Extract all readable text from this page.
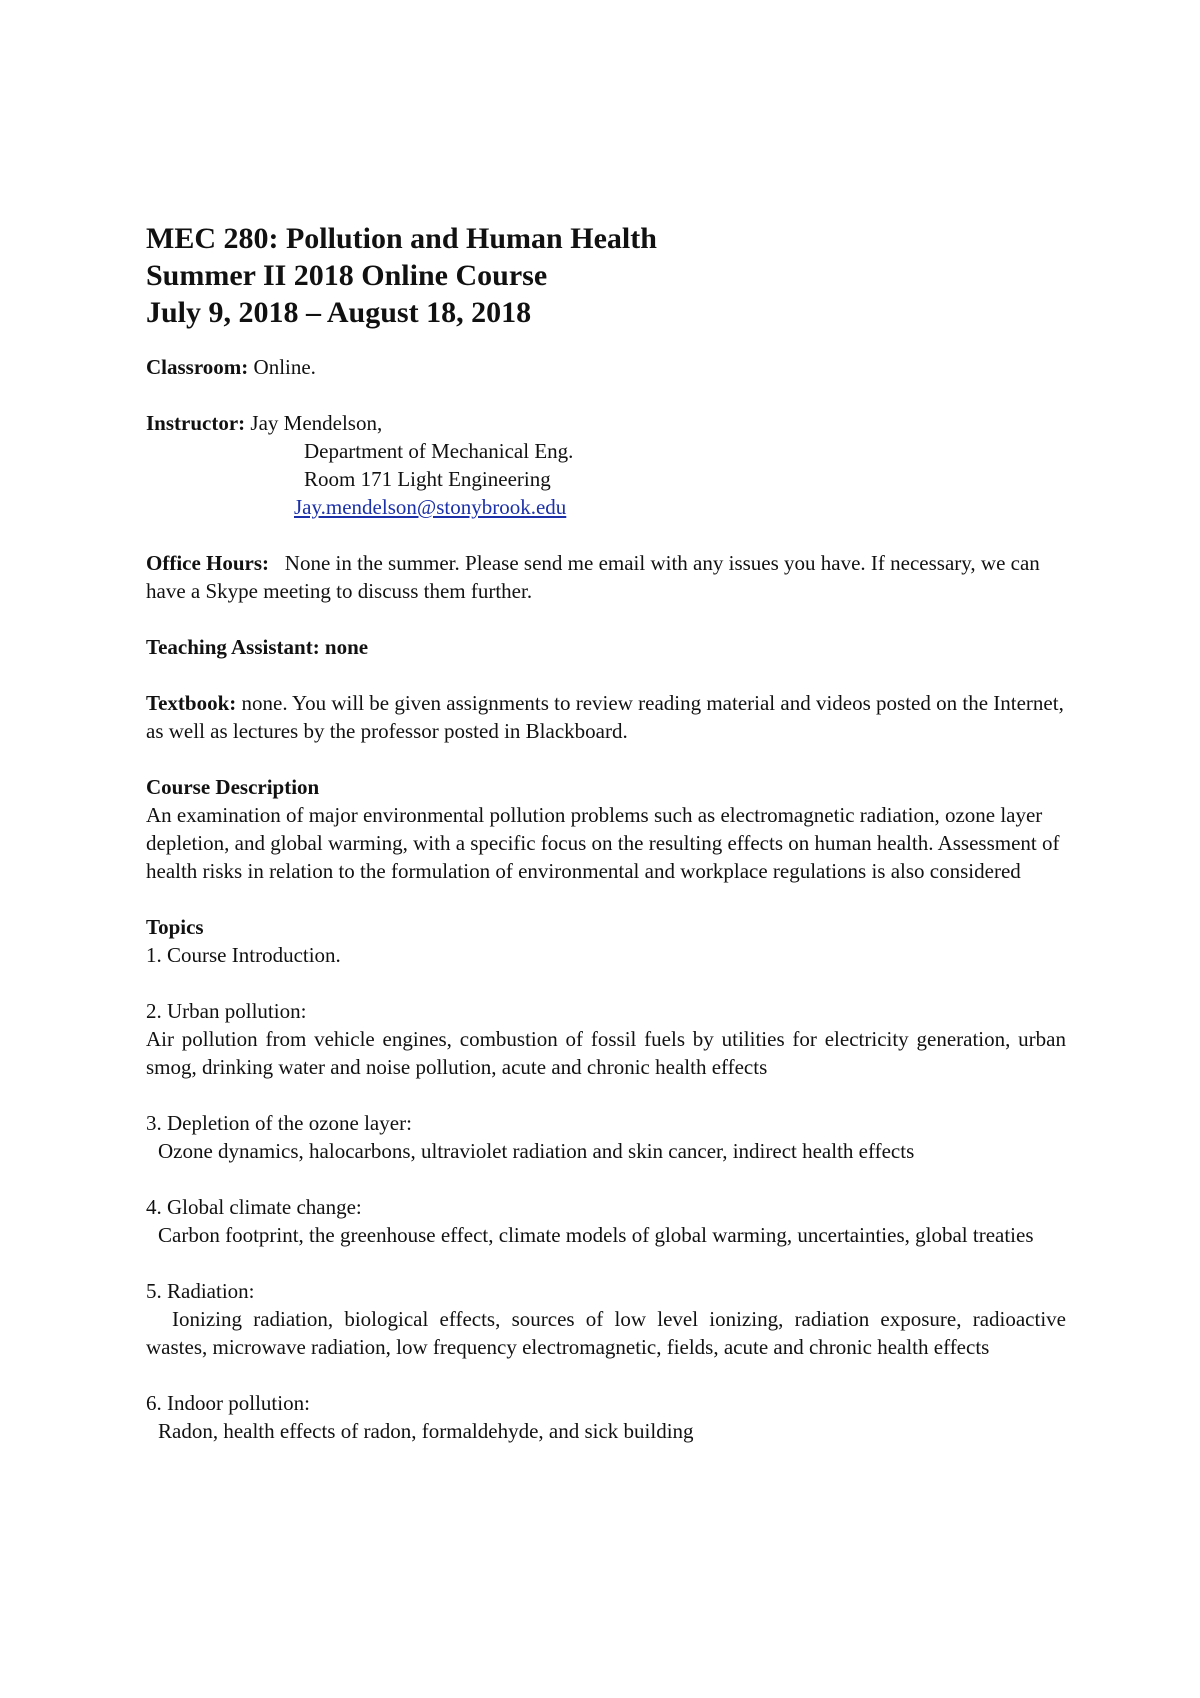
MEC 280: Pollution and Human Health
Summer II 2018 Online Course
July 9, 2018 – August 18, 2018
Classroom: Online.
Instructor: Jay Mendelson,
Department of Mechanical Eng.
Room 171 Light Engineering
Jay.mendelson@stonybrook.edu
Office Hours: None in the summer. Please send me email with any issues you have. If necessary, we can have a Skype meeting to discuss them further.
Teaching Assistant: none
Textbook: none. You will be given assignments to review reading material and videos posted on the Internet, as well as lectures by the professor posted in Blackboard.
Course Description
An examination of major environmental pollution problems such as electromagnetic radiation, ozone layer depletion, and global warming, with a specific focus on the resulting effects on human health. Assessment of health risks in relation to the formulation of environmental and workplace regulations is also considered
Topics
1. Course Introduction.
2. Urban pollution:
Air pollution from vehicle engines, combustion of fossil fuels by utilities for electricity generation, urban smog, drinking water and noise pollution, acute and chronic health effects
3. Depletion of the ozone layer:
Ozone dynamics, halocarbons, ultraviolet radiation and skin cancer, indirect health effects
4. Global climate change:
Carbon footprint, the greenhouse effect, climate models of global warming, uncertainties, global treaties
5. Radiation:
Ionizing radiation, biological effects, sources of low level ionizing, radiation exposure, radioactive wastes, microwave radiation, low frequency electromagnetic, fields, acute and chronic health effects
6. Indoor pollution:
Radon, health effects of radon, formaldehyde, and sick building
